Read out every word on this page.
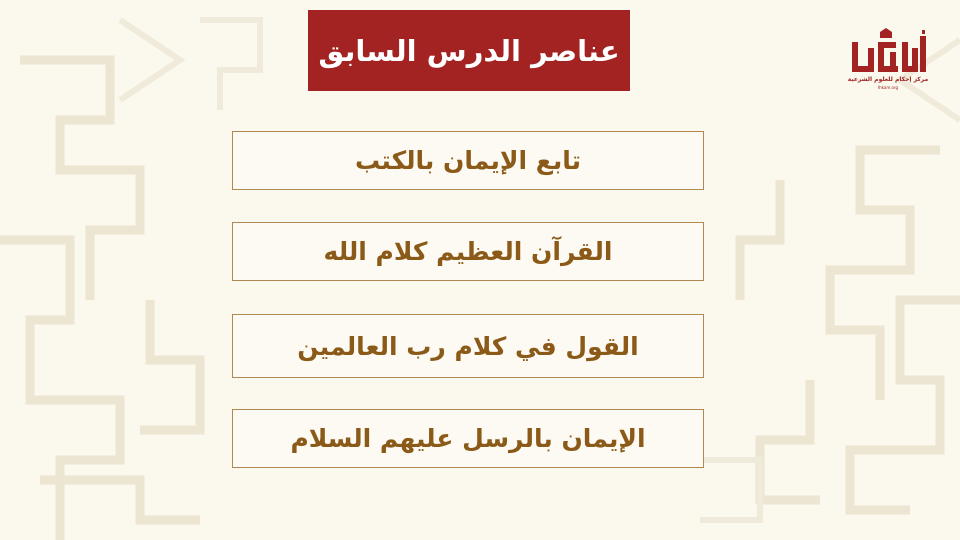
عناصر الدرس السابق
تابع الإيمان بالكتب
القرآن العظيم كلام الله
القول في كلام رب العالمين
الإيمان بالرسل عليهم السلام
مركز إحكام للعلوم الشرعية
Ihkam.org
